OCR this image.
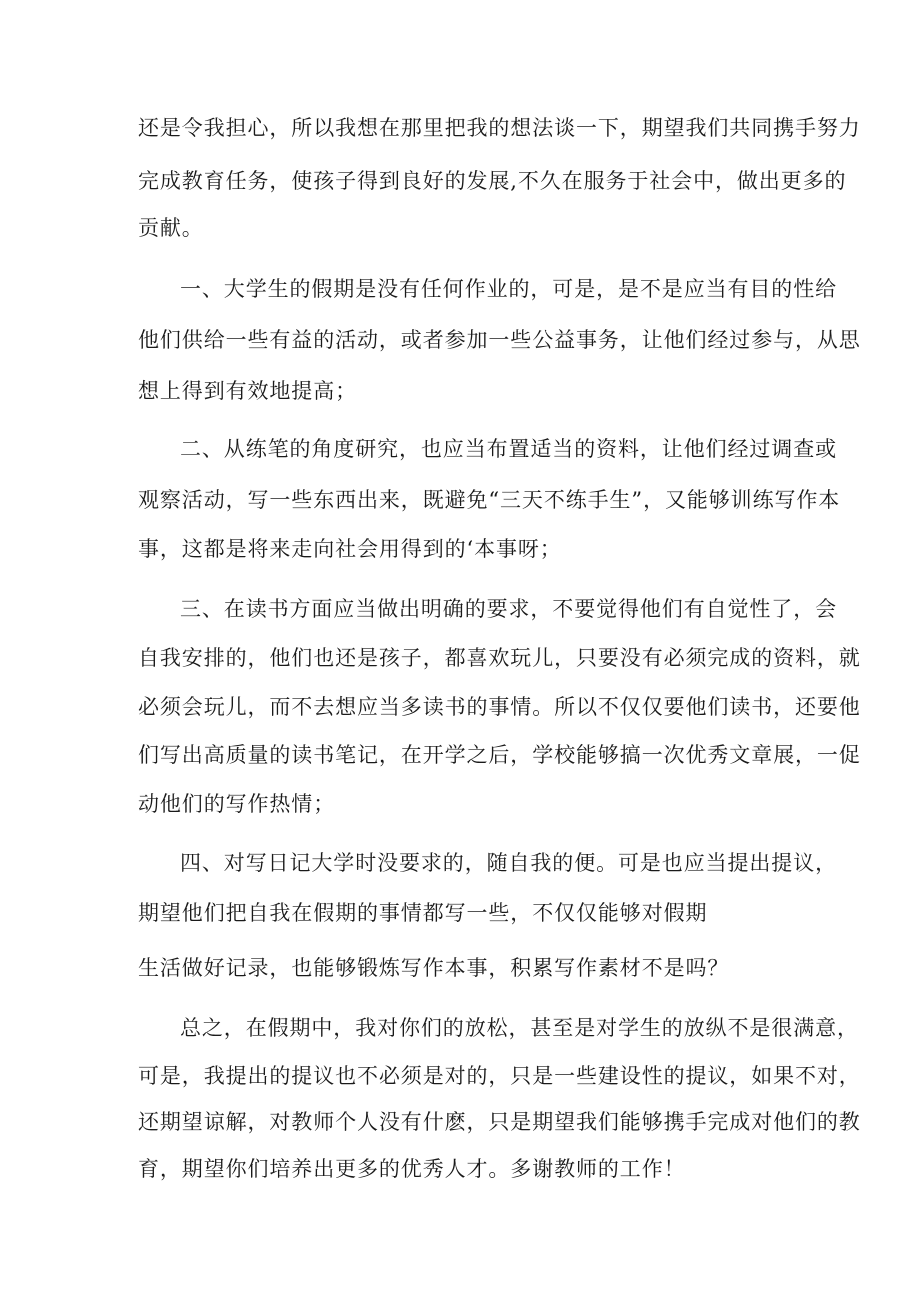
还是令我担心，所以我想在那里把我的想法谈一下，期望我们共同携手努力
完成教育任务，使孩子得到良好的发展,不久在服务于社会中，做出更多的
贡献。
一、大学生的假期是没有任何作业的，可是，是不是应当有目的性给
他们供给一些有益的活动，或者参加一些公益事务，让他们经过参与，从思
想上得到有效地提高；
二、从练笔的角度研究，也应当布置适当的资料，让他们经过调查或
观察活动，写一些东西出来，既避免“三天不练手生”，又能够训练写作本
事，这都是将来走向社会用得到的‘本事呀；
三、在读书方面应当做出明确的要求，不要觉得他们有自觉性了，会
自我安排的，他们也还是孩子，都喜欢玩儿，只要没有必须完成的资料，就
必须会玩儿，而不去想应当多读书的事情。所以不仅仅要他们读书，还要他
们写出高质量的读书笔记，在开学之后，学校能够搞一次优秀文章展，一促
动他们的写作热情；
四、对写日记大学时没要求的，随自我的便。可是也应当提出提议，
期望他们把自我在假期的事情都写一些，不仅仅能够对假期
生活做好记录，也能够锻炼写作本事，积累写作素材不是吗？
总之，在假期中，我对你们的放松，甚至是对学生的放纵不是很满意，
可是，我提出的提议也不必须是对的，只是一些建设性的提议，如果不对，
还期望谅解，对教师个人没有什麽，只是期望我们能够携手完成对他们的教
育，期望你们培养出更多的优秀人才。多谢教师的工作！
